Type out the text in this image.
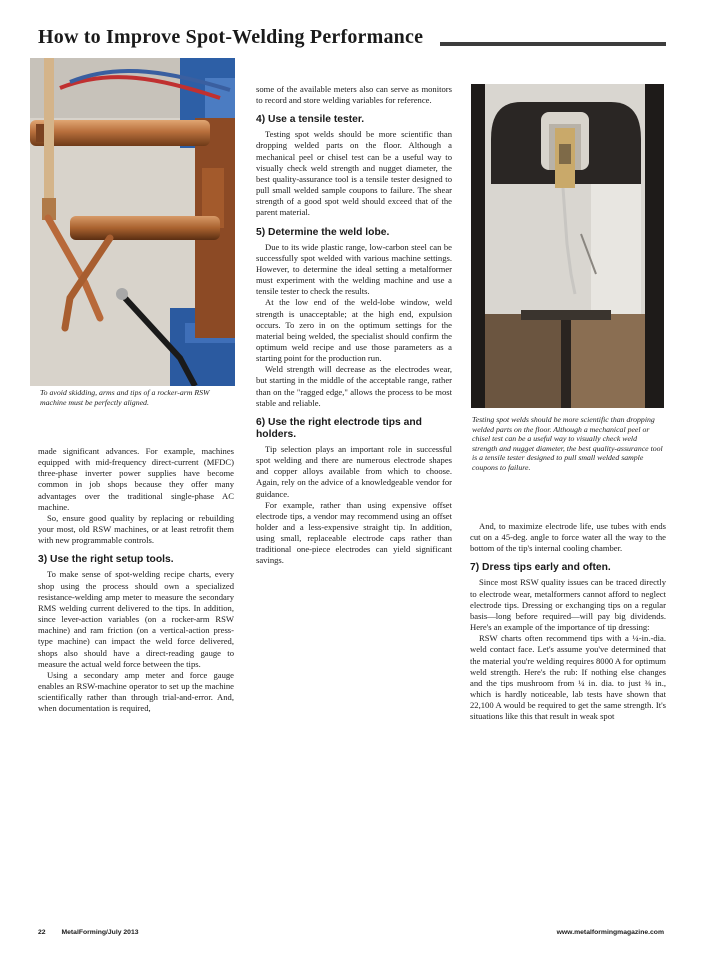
How to Improve Spot-Welding Performance
To avoid skidding, arms and tips of a rocker-arm RSW machine must be perfectly aligned.
Testing spot welds should be more scientific than dropping welded parts on the floor. Although a mechanical peel or chisel test can be a useful way to visually check weld strength and nugget diameter, the best quality-assurance tool is a tensile tester designed to pull small welded sample coupons to failure.

made significant advances. For example, machines equipped with mid-frequency direct-current (MFDC) three-phase inverter power supplies have become common in job shops because they offer many advantages over the traditional single-phase AC machine.

So, ensure good quality by replacing or rebuilding your most, old RSW machines, or at least retrofit them with new programmable controls.

3) Use the right setup tools.

To make sense of spot-welding recipe charts, every shop using the process should own a specialized resistance-welding amp meter to measure the secondary RMS welding current delivered to the tips. In addition, since lever-action variables (on a rocker-arm RSW machine) and ram friction (on a vertical-action press-type machine) can impact the weld force delivered, shops also should have a direct-reading gauge to measure the actual weld force between the tips.

Using a secondary amp meter and force gauge enables an RSW-machine operator to set up the machine scientifically rather than through trial-and-error. And, when documentation is required,

some of the available meters also can serve as monitors to record and store welding variables for reference.

4) Use a tensile tester.

Testing spot welds should be more scientific than dropping welded parts on the floor. Although a mechanical peel or chisel test can be a useful way to visually check weld strength and nugget diameter, the best quality-assurance tool is a tensile tester designed to pull small welded sample coupons to failure. The shear strength of a good spot weld should exceed that of the parent material.

5) Determine the weld lobe.

Due to its wide plastic range, low-carbon steel can be successfully spot welded with various machine settings. However, to determine the ideal setting a metalformer must experiment with the welding machine and use a tensile tester to check the results.

At the low end of the weld-lobe window, weld strength is unacceptable; at the high end, expulsion occurs. To zero in on the optimum settings for the material being welded, the specialist should confirm the optimum weld recipe and use those parameters as a starting point for the production run.

Weld strength will decrease as the electrodes wear, but starting in the middle of the acceptable range, rather than on the "ragged edge," allows the process to be most stable and reliable.

6) Use the right electrode tips and holders.

Tip selection plays an important role in successful spot welding and there are numerous electrode shapes and copper alloys available from which to choose. Again, rely on the advice of a knowledgeable vendor for guidance.

For example, rather than using expensive offset electrode tips, a vendor may recommend using an offset holder and a less-expensive straight tip. In addition, using small, replaceable electrode caps rather than traditional one-piece electrodes can yield significant savings.

And, to maximize electrode life, use tubes with ends cut on a 45-deg. angle to force water all the way to the bottom of the tip's internal cooling chamber.

7) Dress tips early and often.

Since most RSW quality issues can be traced directly to electrode wear, metalformers cannot afford to neglect electrode tips. Dressing or exchanging tips on a regular basis—long before required—will pay big dividends. Here's an example of the importance of tip dressing:

RSW charts often recommend tips with a ¼-in.-dia. weld contact face. Let's assume you've determined that the material you're welding requires 8000 A for optimum weld strength. Here's the rub: If nothing else changes and the tips mushroom from ¼ in. dia. to just ⅜ in., which is hardly noticeable, lab tests have shown that 22,100 A would be required to get the same strength. It's situations like this that result in weak spot

22 MetalForming/July 2013	www.metalformingmagazine.com
